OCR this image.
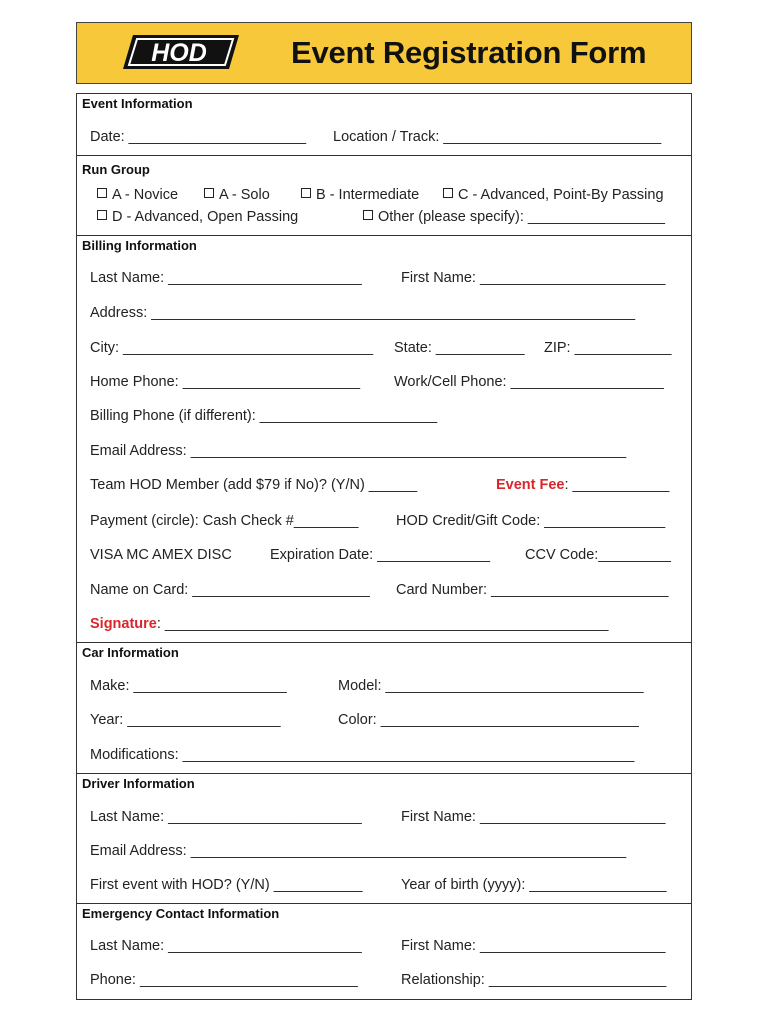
HOD	Event Registration Form
Event Information
Date: ______________________ Location / Track: ___________________________
Run Group
A - Novice	A - Solo	B - Intermediate	C - Advanced, Point-By Passing
D - Advanced, Open Passing	Other (please specify): _________________
Billing Information
Last Name: ________________________	First Name: _______________________
Address: ____________________________________________________________
City: _______________________________ State: ___________ ZIP: ____________
Home Phone: ______________________ Work/Cell Phone: ___________________
Billing Phone (if different): ______________________
Email Address: ______________________________________________________
Team HOD Member (add $79 if No)? (Y/N) ______	Event Fee: ____________
Payment (circle): Cash Check #________	HOD Credit/Gift Code: _______________
VISA MC AMEX DISC	Expiration Date: ______________ CCV Code:_________
Name on Card: ______________________ Card Number: ______________________
Signature: _______________________________________________________
Car Information
Make: ___________________	Model: ________________________________
Year: ___________________	Color: ________________________________
Modifications: ________________________________________________________
Driver Information
Last Name: ________________________	First Name: _______________________
Email Address: ______________________________________________________
First event with HOD? (Y/N) ___________	Year of birth (yyyy): _________________
Emergency Contact Information
Last Name: ________________________	First Name: _______________________
Phone: ___________________________	Relationship: ______________________
